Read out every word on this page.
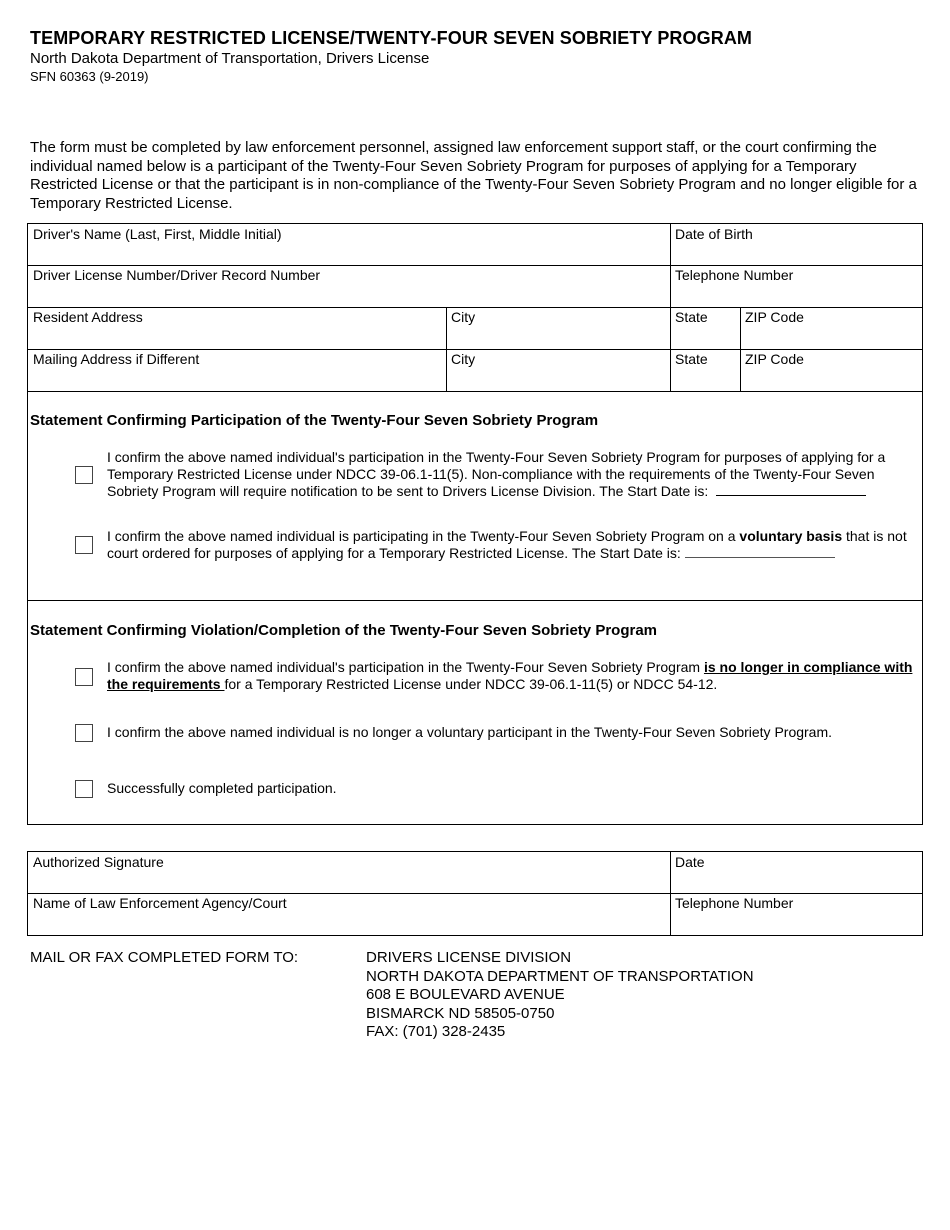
TEMPORARY RESTRICTED LICENSE/TWENTY-FOUR SEVEN SOBRIETY PROGRAM
North Dakota Department of Transportation, Drivers License
SFN 60363 (9-2019)
The form must be completed by law enforcement personnel, assigned law enforcement support staff, or the court confirming the individual named below is a participant of the Twenty-Four Seven Sobriety Program for purposes of applying for a Temporary Restricted License or that the participant is in non-compliance of the Twenty-Four Seven Sobriety Program and no longer eligible for a Temporary Restricted License.
Driver's Name (Last, First, Middle Initial)	Date of Birth
Driver License Number/Driver Record Number	Telephone Number
Resident Address	City	State	ZIP Code
Mailing Address if Different	City	State	ZIP Code
Statement Confirming Participation of the Twenty-Four Seven Sobriety Program
I confirm the above named individual's participation in the Twenty-Four Seven Sobriety Program for purposes of applying for a Temporary Restricted License under NDCC 39-06.1-11(5). Non-compliance with the requirements of the Twenty-Four Seven Sobriety Program will require notification to be sent to Drivers License Division. The Start Date is:
I confirm the above named individual is participating in the Twenty-Four Seven Sobriety Program on a voluntary basis that is not court ordered for purposes of applying for a Temporary Restricted License. The Start Date is:
Statement Confirming Violation/Completion of the Twenty-Four Seven Sobriety Program
I confirm the above named individual's participation in the Twenty-Four Seven Sobriety Program is no longer in compliance with the requirements for a Temporary Restricted License under NDCC 39-06.1-11(5) or NDCC 54-12.
I confirm the above named individual is no longer a voluntary participant in the Twenty-Four Seven Sobriety Program.
Successfully completed participation.
Authorized Signature	Date
Name of Law Enforcement Agency/Court	Telephone Number
MAIL OR FAX COMPLETED FORM TO:	DRIVERS LICENSE DIVISION
NORTH DAKOTA DEPARTMENT OF TRANSPORTATION
608 E BOULEVARD AVENUE
BISMARCK ND 58505-0750
FAX: (701) 328-2435
